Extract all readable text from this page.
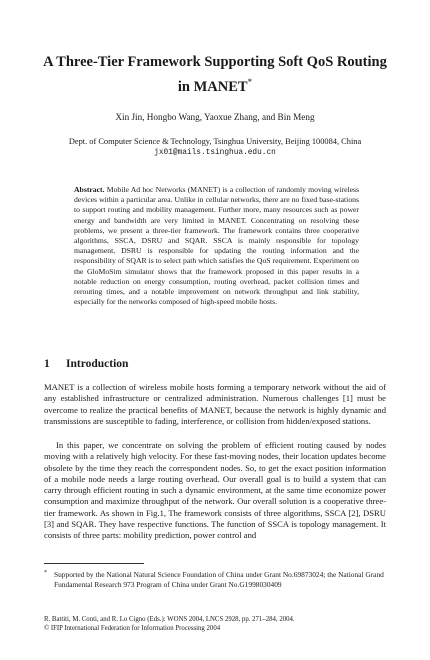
A Three-Tier Framework Supporting Soft QoS Routing
in MANET*
Xin Jin, Hongbo Wang, Yaoxue Zhang, and Bin Meng
Dept. of Computer Science & Technology, Tsinghua University, Beijing 100084, China
jx01@mails.tsinghua.edu.cn
Abstract. Mobile Ad hoc Networks (MANET) is a collection of randomly moving wireless devices within a particular area. Unlike in cellular networks, there are no fixed base-stations to support routing and mobility management. Further more, many resources such as power energy and bandwidth are very limited in MANET. Concentrating on resolving these problems, we present a three-tier framework. The framework contains three cooperative algorithms, SSCA, DSRU and SQAR. SSCA is mainly responsible for topology management, DSRU is responsible for updating the routing information and the responsibility of SQAR is to select path which satisfies the QoS requirement. Experiment on the GloMoSim simulator shows that the framework proposed in this paper results in a notable reduction on energy consumption, routing overhead, packet collision times and rerouting times, and a notable improvement on network throughput and link stability, especially for the networks composed of high-speed mobile hosts.
1 Introduction
MANET is a collection of wireless mobile hosts forming a temporary network without the aid of any established infrastructure or centralized administration. Numerous challenges [1] must be overcome to realize the practical benefits of MANET, because the network is highly dynamic and transmissions are susceptible to fading, interference, or collision from hidden/exposed stations.
In this paper, we concentrate on solving the problem of efficient routing caused by nodes moving with a relatively high velocity. For these fast-moving nodes, their location updates become obsolete by the time they reach the correspondent nodes. So, to get the exact position information of a mobile node needs a large routing overhead. Our overall goal is to build a system that can carry through efficient routing in such a dynamic environment, at the same time economize power consumption and maximize throughput of the network. Our overall solution is a cooperative three-tier framework. As shown in Fig.1, The framework consists of three algorithms, SSCA [2], DSRU [3] and SQAR. They have respective functions. The function of SSCA is topology management. It consists of three parts: mobility prediction, power control and
* Supported by the National Natural Science Foundation of China under Grant No.69873024; the National Grand Fundamental Research 973 Program of China under Grant No.G1998030409
R. Battiti, M. Conti, and R. Lo Cigno (Eds.): WONS 2004, LNCS 2928, pp. 271–284, 2004.
© IFIP International Federation for Information Processing 2004
